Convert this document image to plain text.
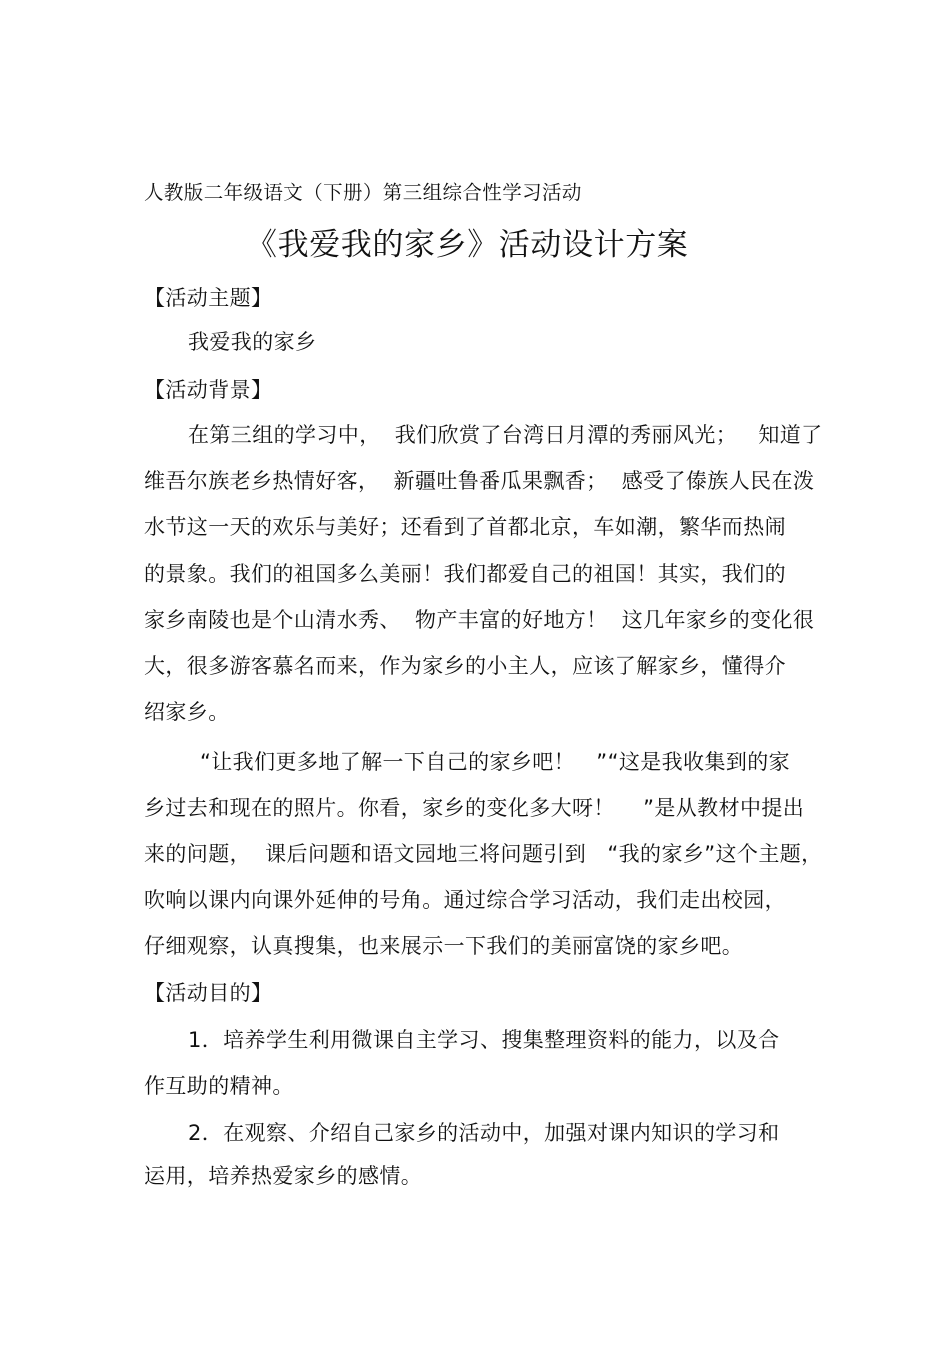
人教版二年级语文（下册）第三组综合性学习活动
《我爱我的家乡》活动设计方案
【活动主题】
我爱我的家乡
【活动背景】
在第三组的学习中，  我们欣赏了台湾日月潭的秀丽风光；   知道了
维吾尔族老乡热情好客，  新疆吐鲁番瓜果飘香；  感受了傣族人民在泼
水节这一天的欢乐与美好；还看到了首都北京，车如潮，繁华而热闹
的景象。我们的祖国多么美丽！我们都爱自己的祖国！其实，我们的
家乡南陵也是个山清水秀、  物产丰富的好地方！  这几年家乡的变化很
大，很多游客慕名而来，作为家乡的小主人，应该了解家乡，懂得介
绍家乡。
“让我们更多地了解一下自己的家乡吧！   ”“这是我收集到的家
乡过去和现在的照片。你看，家乡的变化多大呀！    ”是从教材中提出
来的问题，  课后问题和语文园地三将问题引到   “我的家乡”这个主题，
吹响以课内向课外延伸的号角。通过综合学习活动，我们走出校园，
仔细观察，认真搜集，也来展示一下我们的美丽富饶的家乡吧。
【活动目的】
1．培养学生利用微课自主学习、搜集整理资料的能力，以及合
作互助的精神。
2．在观察、介绍自己家乡的活动中，加强对课内知识的学习和
运用，培养热爱家乡的感情。
